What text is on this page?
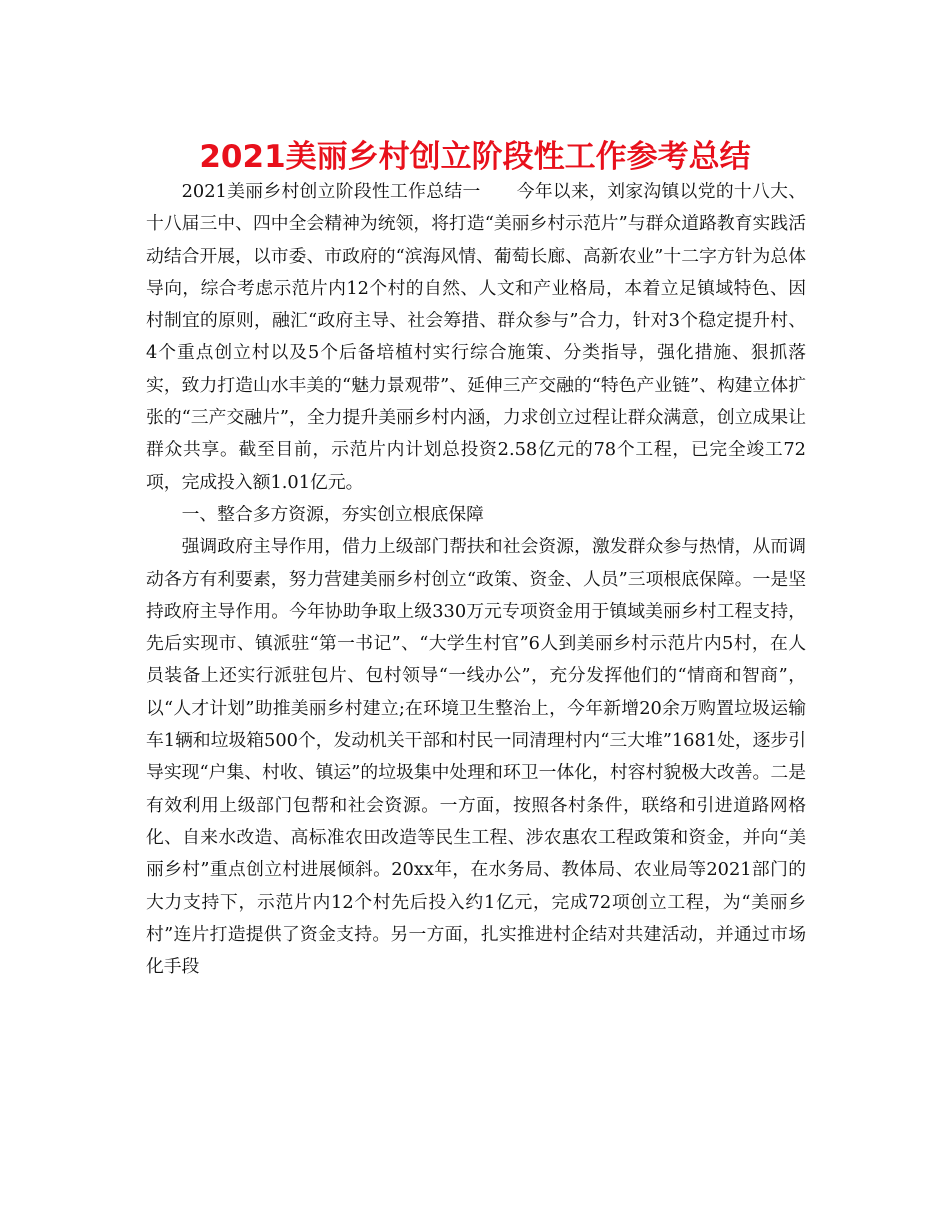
2021美丽乡村创立阶段性工作参考总结

2021美丽乡村创立阶段性工作总结一　　今年以来，刘家沟镇以党的十八大、十八届三中、四中全会精神为统领，将打造“美丽乡村示范片”与群众道路教育实践活动结合开展，以市委、市政府的“滨海风情、葡萄长廊、高新农业”十二字方针为总体导向，综合考虑示范片内12个村的自然、人文和产业格局，本着立足镇域特色、因村制宜的原则，融汇“政府主导、社会筹措、群众参与”合力，针对3个稳定提升村、4个重点创立村以及5个后备培植村实行综合施策、分类指导，强化措施、狠抓落实，致力打造山水丰美的“魅力景观带”、延伸三产交融的“特色产业链”、构建立体扩张的“三产交融片”，全力提升美丽乡村内涵，力求创立过程让群众满意，创立成果让群众共享。截至目前，示范片内计划总投资2.58亿元的78个工程，已完全竣工72项，完成投入额1.01亿元。

一、整合多方资源，夯实创立根底保障

强调政府主导作用，借力上级部门帮扶和社会资源，激发群众参与热情，从而调动各方有利要素，努力营建美丽乡村创立“政策、资金、人员”三项根底保障。一是坚持政府主导作用。今年协助争取上级330万元专项资金用于镇域美丽乡村工程支持，先后实现市、镇派驻“第一书记”、“大学生村官”6人到美丽乡村示范片内5村，在人员装备上还实行派驻包片、包村领导“一线办公”，充分发挥他们的“情商和智商”，以“人才计划”助推美丽乡村建立;在环境卫生整治上，今年新增20余万购置垃圾运输车1辆和垃圾箱500个，发动机关干部和村民一同清理村内“三大堆”1681处，逐步引导实现“户集、村收、镇运”的垃圾集中处理和环卫一体化，村容村貌极大改善。二是有效利用上级部门包帮和社会资源。一方面，按照各村条件，联络和引进道路网格化、自来水改造、高标准农田改造等民生工程、涉农惠农工程政策和资金，并向“美丽乡村”重点创立村进展倾斜。20xx年，在水务局、教体局、农业局等2021部门的大力支持下，示范片内12个村先后投入约1亿元，完成72项创立工程，为“美丽乡村”连片打造提供了资金支持。另一方面，扎实推进村企结对共建活动，并通过市场化手段
